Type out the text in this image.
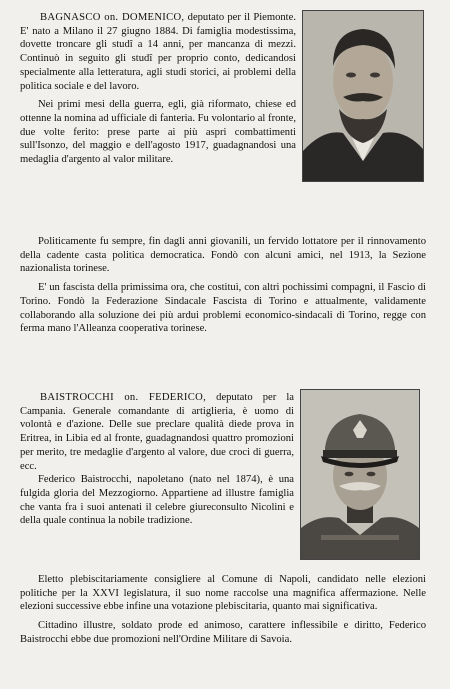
BAGNASCO on. DOMENICO, deputato per il Piemonte. E' nato a Milano il 27 giugno 1884. Di famiglia modestissima, dovette troncare gli studî a 14 anni, per mancanza di mezzi. Continuò in seguito gli studî per proprio conto, dedicandosi specialmente alla letteratura, agli studi storici, ai problemi della politica sociale e del lavoro.

Nei primi mesi della guerra, egli, già riformato, chiese ed ottenne la nomina ad ufficiale di fanteria. Fu volontario al fronte, due volte ferito: prese parte ai più aspri combattimenti sull'Isonzo, del maggio e dell'agosto 1917, guadagnandosi una medaglia d'argento al valor militare.

Politicamente fu sempre, fin dagli anni giovanili, un fervido lottatore per il rinnovamento della cadente casta politica democratica. Fondò con alcuni amici, nel 1913, la Sezione nazionalista torinese.

E' un fascista della primissima ora, che costituì, con altri pochissimi compagni, il Fascio di Torino. Fondò la Federazione Sindacale Fascista di Torino e attualmente, validamente collaborando alla soluzione dei più ardui problemi economico-sindacali di Torino, regge con ferma mano l'Alleanza cooperativa torinese.

BAISTROCCHI on. FEDERICO, deputato per la Campania. Generale comandante di artiglieria, è uomo di volontà e d'azione. Delle sue preclare qualità diede prova in Eritrea, in Libia ed al fronte, guadagnandosi quattro promozioni per merito, tre medaglie d'argento al valore, due croci di guerra, ecc.

Federico Baistrocchi, napoletano (nato nel 1874), è una fulgida gloria del Mezzogiorno. Appartiene ad illustre famiglia che vanta fra i suoi antenati il celebre giureconsulto Nicolini e della quale continua la nobile tradizione.

Eletto plebiscitariamente consigliere al Comune di Napoli, candidato nelle elezioni politiche per la XXVI legislatura, il suo nome raccolse una magnifica affermazione. Nelle elezioni successive ebbe infine una votazione plebiscitaria, quanto mai significativa.

Cittadino illustre, soldato prode ed animoso, carattere inflessibile e diritto, Federico Baistrocchi ebbe due promozioni nell'Ordine Militare di Savoia.
